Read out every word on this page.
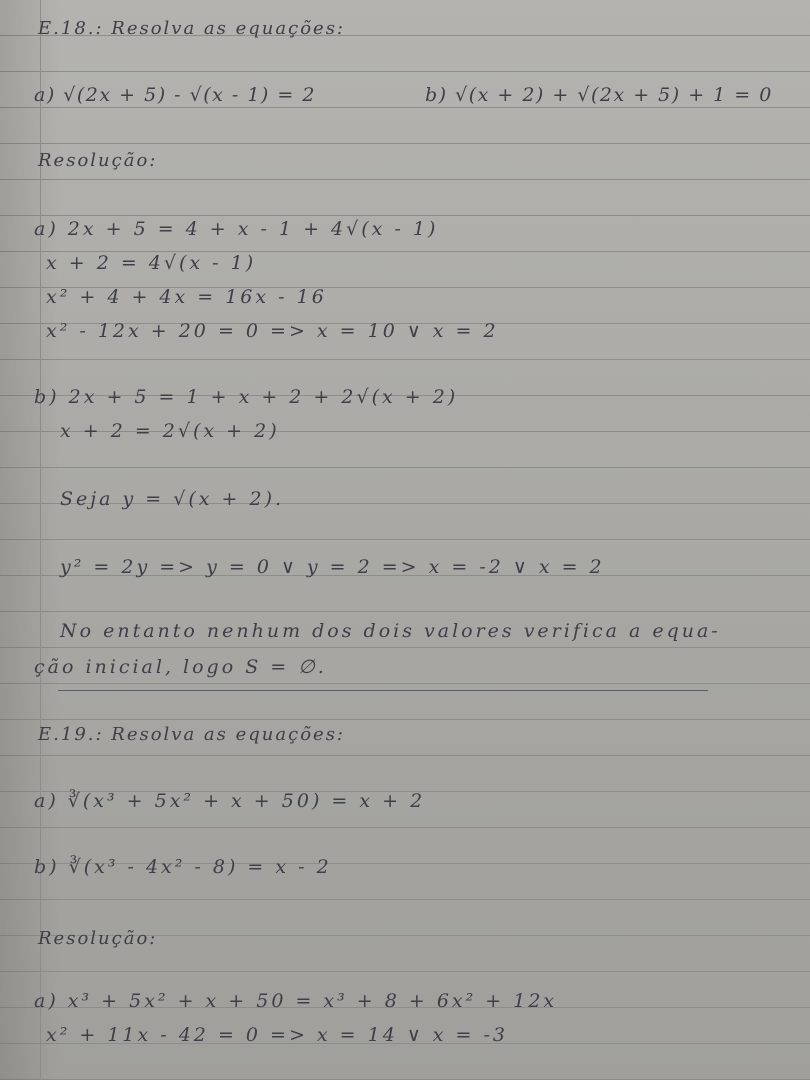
E.18.: Resolva as equações:
a) √(2x + 5) - √(x - 1) = 2	b) √(x + 2) + √(2x + 5) + 1 = 0
Resolução:
a) 2x + 5 = 4 + x - 1 + 4√(x - 1)
x + 2 = 4√(x - 1)
x² + 4 + 4x = 16x - 16
x² - 12x + 20 = 0 => x = 10 ∨ x = 2
b) 2x + 5 = 1 + x + 2 + 2√(x + 2)
x + 2 = 2√(x + 2)
Seja y = √(x + 2).
y² = 2y => y = 0 ∨ y = 2 => x = -2 ∨ x = 2
No entanto nenhum dos dois valores verifica a equa-
ção inicial, logo S = ∅.
E.19.: Resolva as equações:
a) ∛(x³ + 5x² + x + 50) = x + 2
b) ∛(x³ - 4x² - 8) = x - 2
Resolução:
a) x³ + 5x² + x + 50 = x³ + 8 + 6x² + 12x
x² + 11x - 42 = 0 => x = 14 ∨ x = -3
